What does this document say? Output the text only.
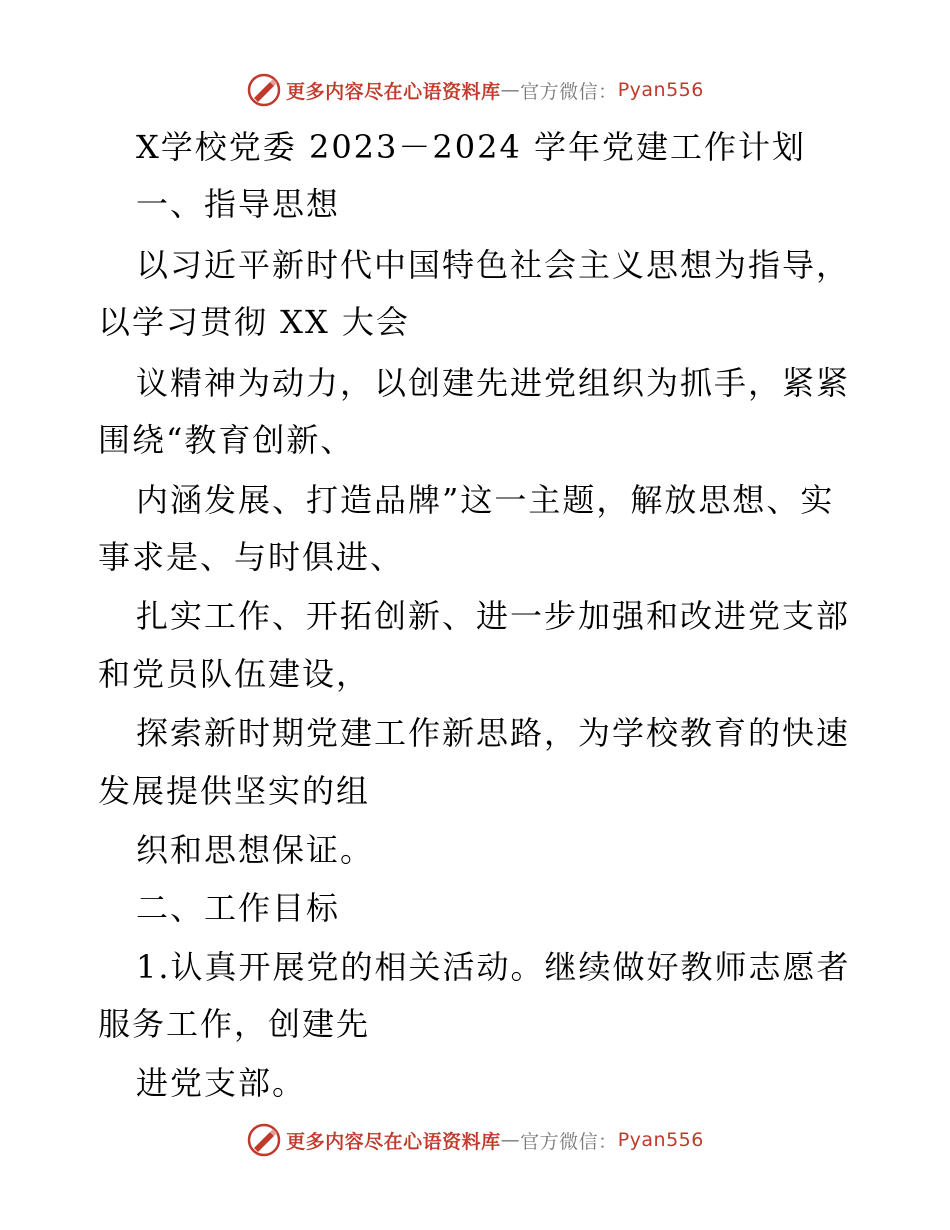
更多内容尽在心语资料库 — 官方微信： Pyan556
X学校党委 2023－2024 学年党建工作计划
一、指导思想
以习近平新时代中国特色社会主义思想为指导，
以学习贯彻 XX 大会
议精神为动力，以创建先进党组织为抓手，紧紧
围绕“教育创新、
内涵发展、打造品牌”这一主题，解放思想、实
事求是、与时俱进、
扎实工作、开拓创新、进一步加强和改进党支部
和党员队伍建设，
探索新时期党建工作新思路，为学校教育的快速
发展提供坚实的组
织和思想保证。
二、工作目标
1.认真开展党的相关活动。继续做好教师志愿者
服务工作，创建先
进党支部。
更多内容尽在心语资料库 — 官方微信： Pyan556
